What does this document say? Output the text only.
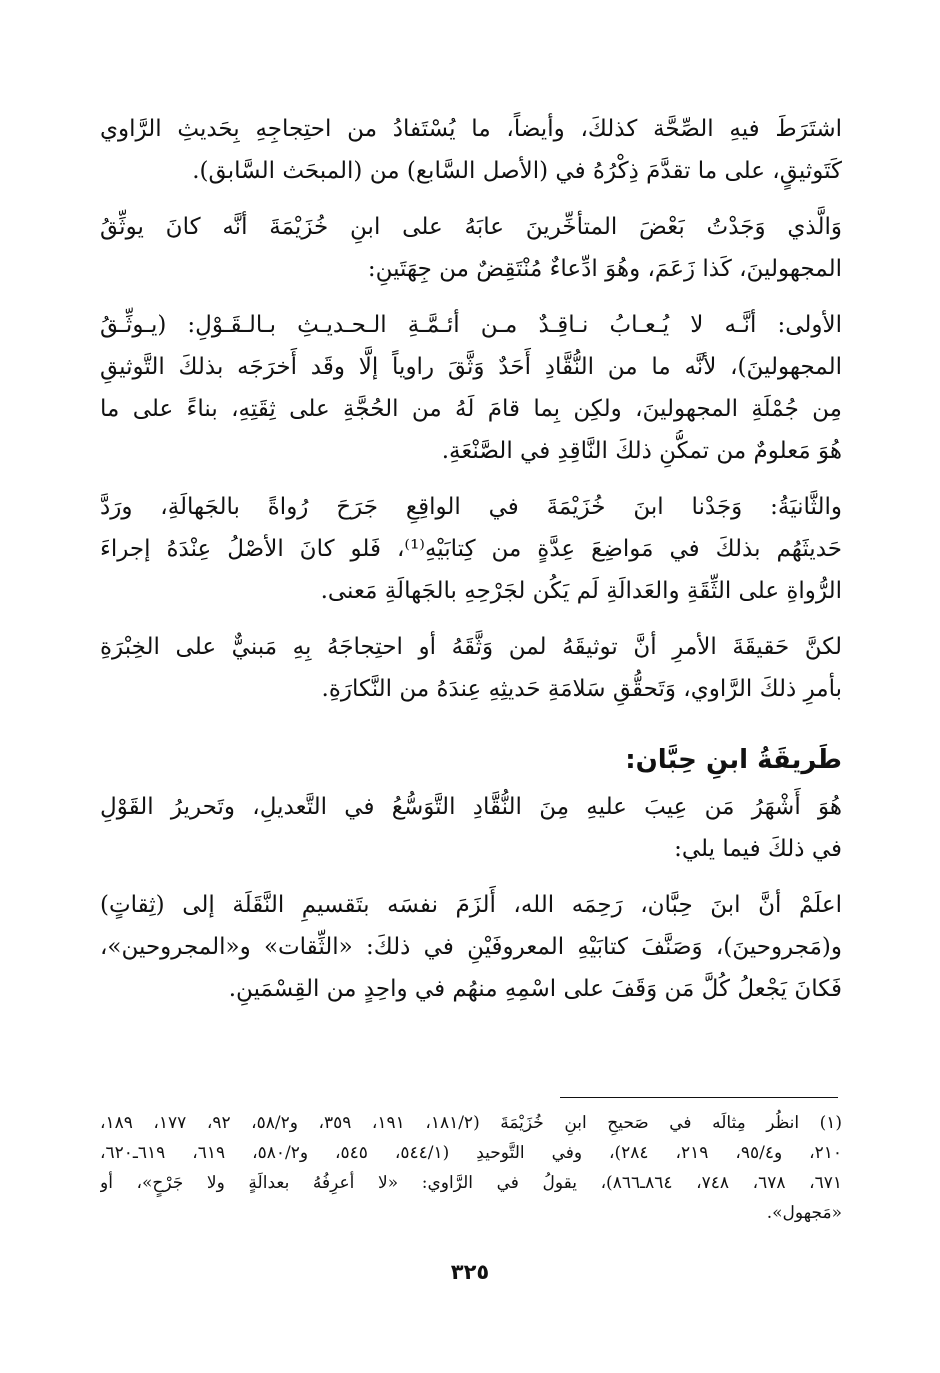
اشتَرَطَ فيهِ الصِّحَّة كذلكَ، وأيضاً، ما يُسْتَفادُ من احتِجاجِهِ بِحَديثِ الرَّاوي
كَتَوثيقٍ، على ما تقدَّمَ ذِكْرُهُ في (الأصل السَّابع) من (المبحَث السَّابق).
وَالَّذي وَجَدْتُ بَعْضَ المتأخِّرينَ عابَهُ على ابنِ خُزَيْمَةَ أنَّه كانَ يوثِّقُ
المجهولينَ، كَذا زَعَمَ، وهُوَ ادِّعاءٌ مُنْتَقِضٌ من جِهَتَينِ:
الأولى: أنَّـه لا يُـعـابُ نـاقِـدٌ مـن أئـمَّـةِ الـحـديـثِ بـالـقَـوْلِ: (يـوثِّـقُ
المجهولينَ)، لأنَّه ما من النُّقَّادِ أَحَدٌ وَثَّقَ راوياً إلَّا وقَد أَخرَجَه بذلكَ التَّوثيقِ
مِن جُمْلَةِ المجهولينَ، ولكِن بِما قامَ لَهُ من الحُجَّةِ على ثِقَتِهِ، بناءً على ما
هُوَ مَعلومٌ من تمكُّنِ ذلكَ النَّاقِدِ في الصَّنْعَةِ.
والثَّانيَةُ: وَجَدْنا ابنَ خُزَيْمَةَ في الواقِعِ جَرَحَ رُواةً بالجَهالَةِ، ورَدَّ
حَديثَهُم بذلكَ في مَواضِعَ عِدَّةٍ من كِتابَيْهِ⁽¹⁾، فَلو كانَ الأصْلُ عِنْدَهُ إجراءَ
الرُّواةِ على الثِّقَةِ والعَدالَةِ لَم يَكُن لجَرْحِهِ بالجَهالَةِ مَعنى.
لكنَّ حَقيقَةَ الأمرِ أنَّ توثيقَهُ لمن وَثَّقَهُ أو احتِجاجَهُ بِهِ مَبنيٌّ على الخِبْرَةِ
بأمرِ ذلكَ الرَّاوي، وَتَحقُّقِ سَلامَةِ حَديثِهِ عِندَهُ من النَّكارَةِ.
طَريقَةُ ابنِ حِبَّان:
هُوَ أَشْهَرُ مَن عِيبَ عليهِ مِنَ النُّقَّادِ التَّوَسُّعُ في التَّعديلِ، وتَحريرُ القَوْلِ
في ذلكَ فيما يلي:
اعلَمْ أنَّ ابنَ حِبَّان، رَحِمَه الله، أَلزَمَ نفسَه بتَقسيمِ النَّقَلَة إلى (ثِقاتٍ)
و(مَجروحينَ)، وَصَنَّفَ كتابَيْهِ المعروفَيْنِ في ذلكَ: «الثِّقات» و«المجروحين»،
فَكانَ يَجْعلُ كُلَّ مَن وَقَفَ على اسْمِهِ منهُم في واحِدٍ من القِسْمَينِ.
(١) انظُر مِثالَه في صَحيحِ ابنِ خُزَيْمَةَ (١٨١/٢، ١٩١، ٣٥٩، و٥٨/٢، ٩٢، ١٧٧، ١٨٩،
٢١٠، و٩٥/٤، ٢١٩، ٢٨٤)، وفي التَّوحيدِ (٥٤٤/١، ٥٤٥، و٥٨٠/٢، ٦١٩، ٦١٩ـ٦٢٠،
٦٧١، ٦٧٨، ٧٤٨، ٨٦٤ـ٨٦٦)، يقولُ في الرَّاوي: «لا أعرِفُهُ بعدالَةٍ ولا جَرْحٍ»، أو
«مَجهول».
٣٢٥
